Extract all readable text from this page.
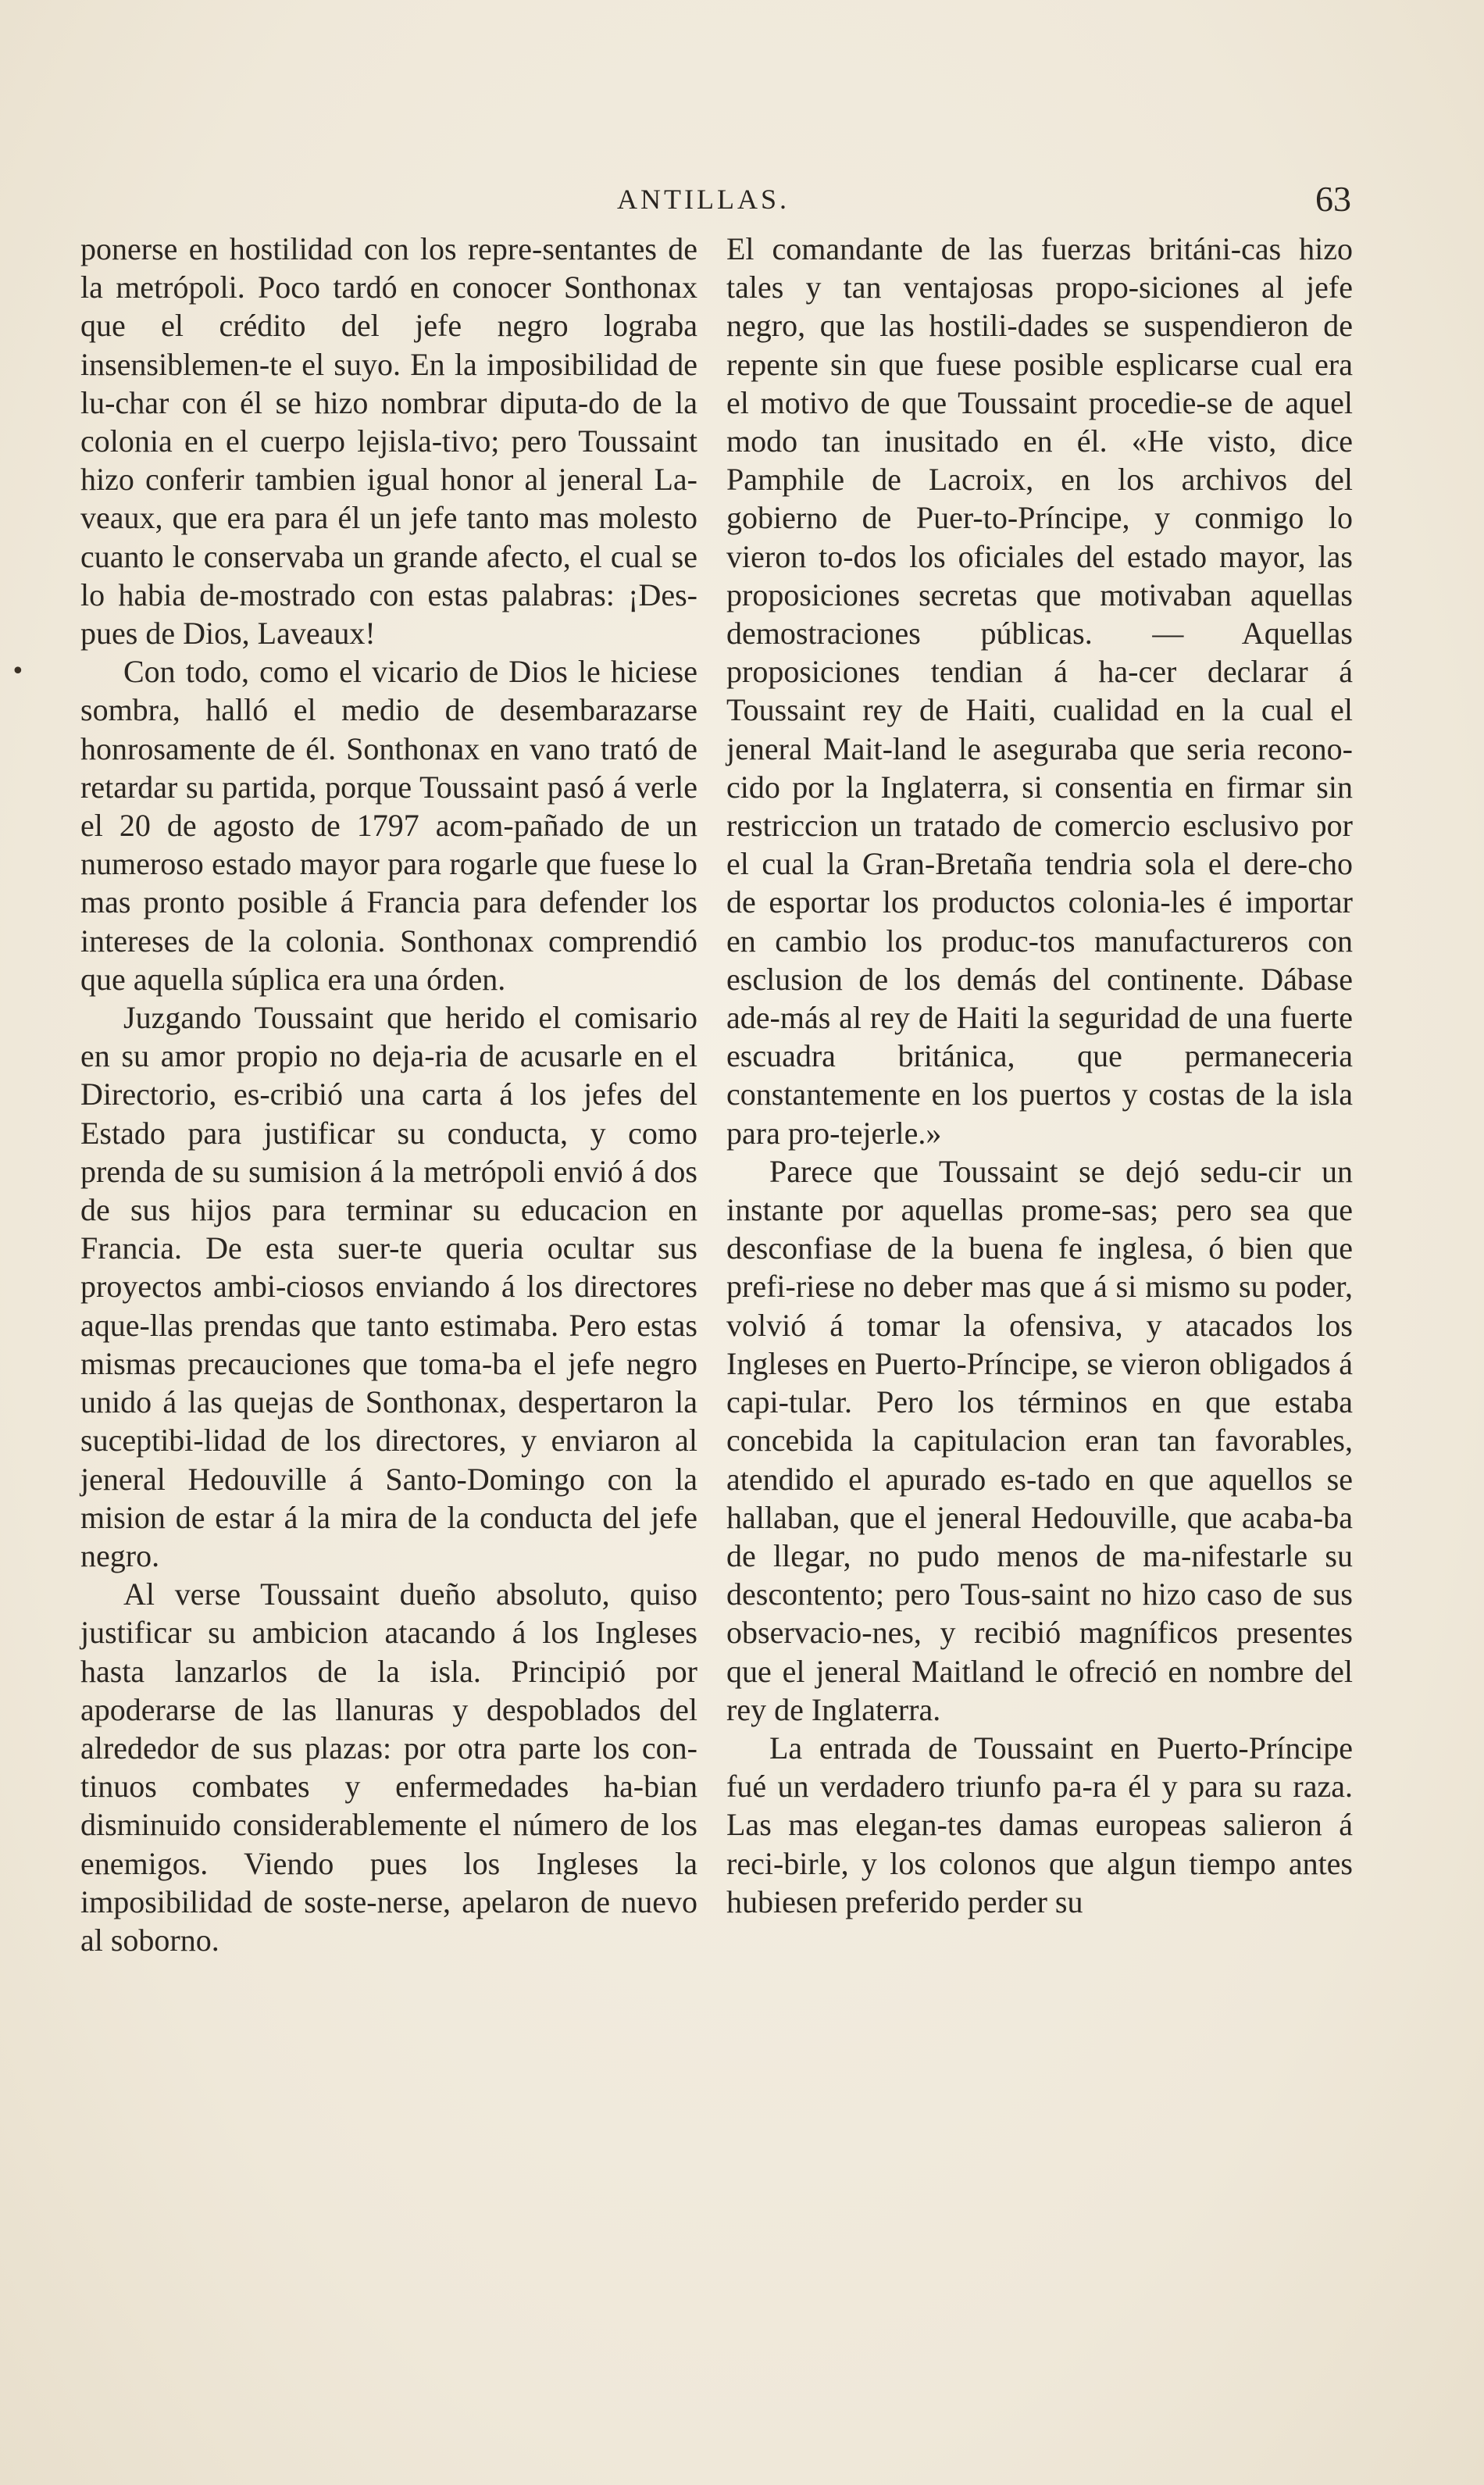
ANTILLAS.	63
•

ponerse en hostilidad con los repre-sentantes de la metrópoli. Poco tardó en conocer Sonthonax que el crédito del jefe negro lograba insensiblemen-te el suyo. En la imposibilidad de lu-char con él se hizo nombrar diputa-do de la colonia en el cuerpo lejisla-tivo; pero Toussaint hizo conferir tambien igual honor al jeneral La-veaux, que era para él un jefe tanto mas molesto cuanto le conservaba un grande afecto, el cual se lo habia de-mostrado con estas palabras: ¡Des-pues de Dios, Laveaux!

Con todo, como el vicario de Dios le hiciese sombra, halló el medio de desembarazarse honrosamente de él. Sonthonax en vano trató de retardar su partida, porque Toussaint pasó á verle el 20 de agosto de 1797 acom-pañado de un numeroso estado mayor para rogarle que fuese lo mas pronto posible á Francia para defender los intereses de la colonia. Sonthonax comprendió que aquella súplica era una órden.

Juzgando Toussaint que herido el comisario en su amor propio no deja-ria de acusarle en el Directorio, es-cribió una carta á los jefes del Estado para justificar su conducta, y como prenda de su sumision á la metrópoli envió á dos de sus hijos para terminar su educacion en Francia. De esta suer-te queria ocultar sus proyectos ambi-ciosos enviando á los directores aque-llas prendas que tanto estimaba. Pero estas mismas precauciones que toma-ba el jefe negro unido á las quejas de Sonthonax, despertaron la suceptibi-lidad de los directores, y enviaron al jeneral Hedouville á Santo-Domingo con la mision de estar á la mira de la conducta del jefe negro.

Al verse Toussaint dueño absoluto, quiso justificar su ambicion atacando á los Ingleses hasta lanzarlos de la isla. Principió por apoderarse de las llanuras y despoblados del alrededor de sus plazas: por otra parte los con-tinuos combates y enfermedades ha-bian disminuido considerablemente el número de los enemigos. Viendo pues los Ingleses la imposibilidad de soste-nerse, apelaron de nuevo al soborno.

El comandante de las fuerzas británi-cas hizo tales y tan ventajosas propo-siciones al jefe negro, que las hostili-dades se suspendieron de repente sin que fuese posible esplicarse cual era el motivo de que Toussaint procedie-se de aquel modo tan inusitado en él. «He visto, dice Pamphile de Lacroix, en los archivos del gobierno de Puer-to-Príncipe, y conmigo lo vieron to-dos los oficiales del estado mayor, las proposiciones secretas que motivaban aquellas demostraciones públicas. — Aquellas proposiciones tendian á ha-cer declarar á Toussaint rey de Haiti, cualidad en la cual el jeneral Mait-land le aseguraba que seria recono-cido por la Inglaterra, si consentia en firmar sin restriccion un tratado de comercio esclusivo por el cual la Gran-Bretaña tendria sola el dere-cho de esportar los productos colonia-les é importar en cambio los produc-tos manufactureros con esclusion de los demás del continente. Dábase ade-más al rey de Haiti la seguridad de una fuerte escuadra británica, que permaneceria constantemente en los puertos y costas de la isla para pro-tejerle.»

Parece que Toussaint se dejó sedu-cir un instante por aquellas prome-sas; pero sea que desconfiase de la buena fe inglesa, ó bien que prefi-riese no deber mas que á si mismo su poder, volvió á tomar la ofensiva, y atacados los Ingleses en Puerto-Príncipe, se vieron obligados á capi-tular. Pero los términos en que estaba concebida la capitulacion eran tan favorables, atendido el apurado es-tado en que aquellos se hallaban, que el jeneral Hedouville, que acaba-ba de llegar, no pudo menos de ma-nifestarle su descontento; pero Tous-saint no hizo caso de sus observacio-nes, y recibió magníficos presentes que el jeneral Maitland le ofreció en nombre del rey de Inglaterra.

La entrada de Toussaint en Puerto-Príncipe fué un verdadero triunfo pa-ra él y para su raza. Las mas elegan-tes damas europeas salieron á reci-birle, y los colonos que algun tiempo antes hubiesen preferido perder su
